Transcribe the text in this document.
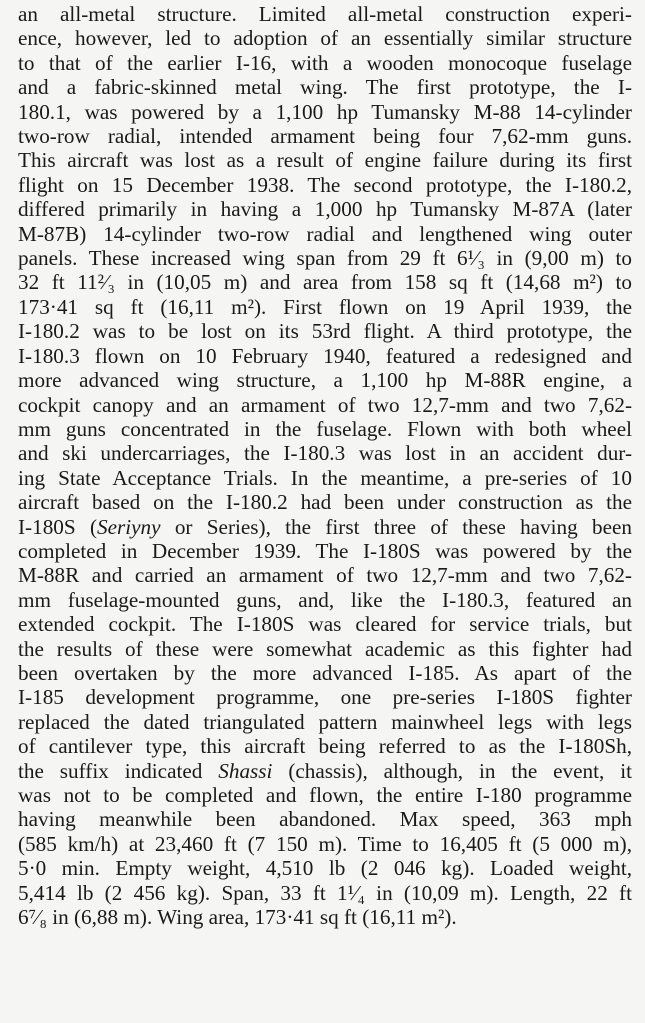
an all-metal structure. Limited all-metal construction experi-
ence, however, led to adoption of an essentially similar structure
to that of the earlier I-16, with a wooden monocoque fuselage
and a fabric-skinned metal wing. The first prototype, the I-
180.1, was powered by a 1,100 hp Tumansky M-88 14-cylinder
two-row radial, intended armament being four 7,62-mm guns.
This aircraft was lost as a result of engine failure during its first
flight on 15 December 1938. The second prototype, the I-180.2,
differed primarily in having a 1,000 hp Tumansky M-87A (later
M-87B) 14-cylinder two-row radial and lengthened wing outer
panels. These increased wing span from 29 ft 6¹⁄₃ in (9,00 m) to
32 ft 11²⁄₃ in (10,05 m) and area from 158 sq ft (14,68 m²) to
173·41 sq ft (16,11 m²). First flown on 19 April 1939, the
I-180.2 was to be lost on its 53rd flight. A third prototype, the
I-180.3 flown on 10 February 1940, featured a redesigned and
more advanced wing structure, a 1,100 hp M-88R engine, a
cockpit canopy and an armament of two 12,7-mm and two 7,62-
mm guns concentrated in the fuselage. Flown with both wheel
and ski undercarriages, the I-180.3 was lost in an accident dur-
ing State Acceptance Trials. In the meantime, a pre-series of 10
aircraft based on the I-180.2 had been under construction as the
I-180S (Seriyny or Series), the first three of these having been
completed in December 1939. The I-180S was powered by the
M-88R and carried an armament of two 12,7-mm and two 7,62-
mm fuselage-mounted guns, and, like the I-180.3, featured an
extended cockpit. The I-180S was cleared for service trials, but
the results of these were somewhat academic as this fighter had
been overtaken by the more advanced I-185. As apart of the
I-185 development programme, one pre-series I-180S fighter
replaced the dated triangulated pattern mainwheel legs with legs
of cantilever type, this aircraft being referred to as the I-180Sh,
the suffix indicated Shassi (chassis), although, in the event, it
was not to be completed and flown, the entire I-180 programme
having meanwhile been abandoned. Max speed, 363 mph
(585 km/h) at 23,460 ft (7 150 m). Time to 16,405 ft (5 000 m),
5·0 min. Empty weight, 4,510 lb (2 046 kg). Loaded weight,
5,414 lb (2 456 kg). Span, 33 ft 1¹⁄₄ in (10,09 m). Length, 22 ft
6⁷⁄₈ in (6,88 m). Wing area, 173·41 sq ft (16,11 m²).
